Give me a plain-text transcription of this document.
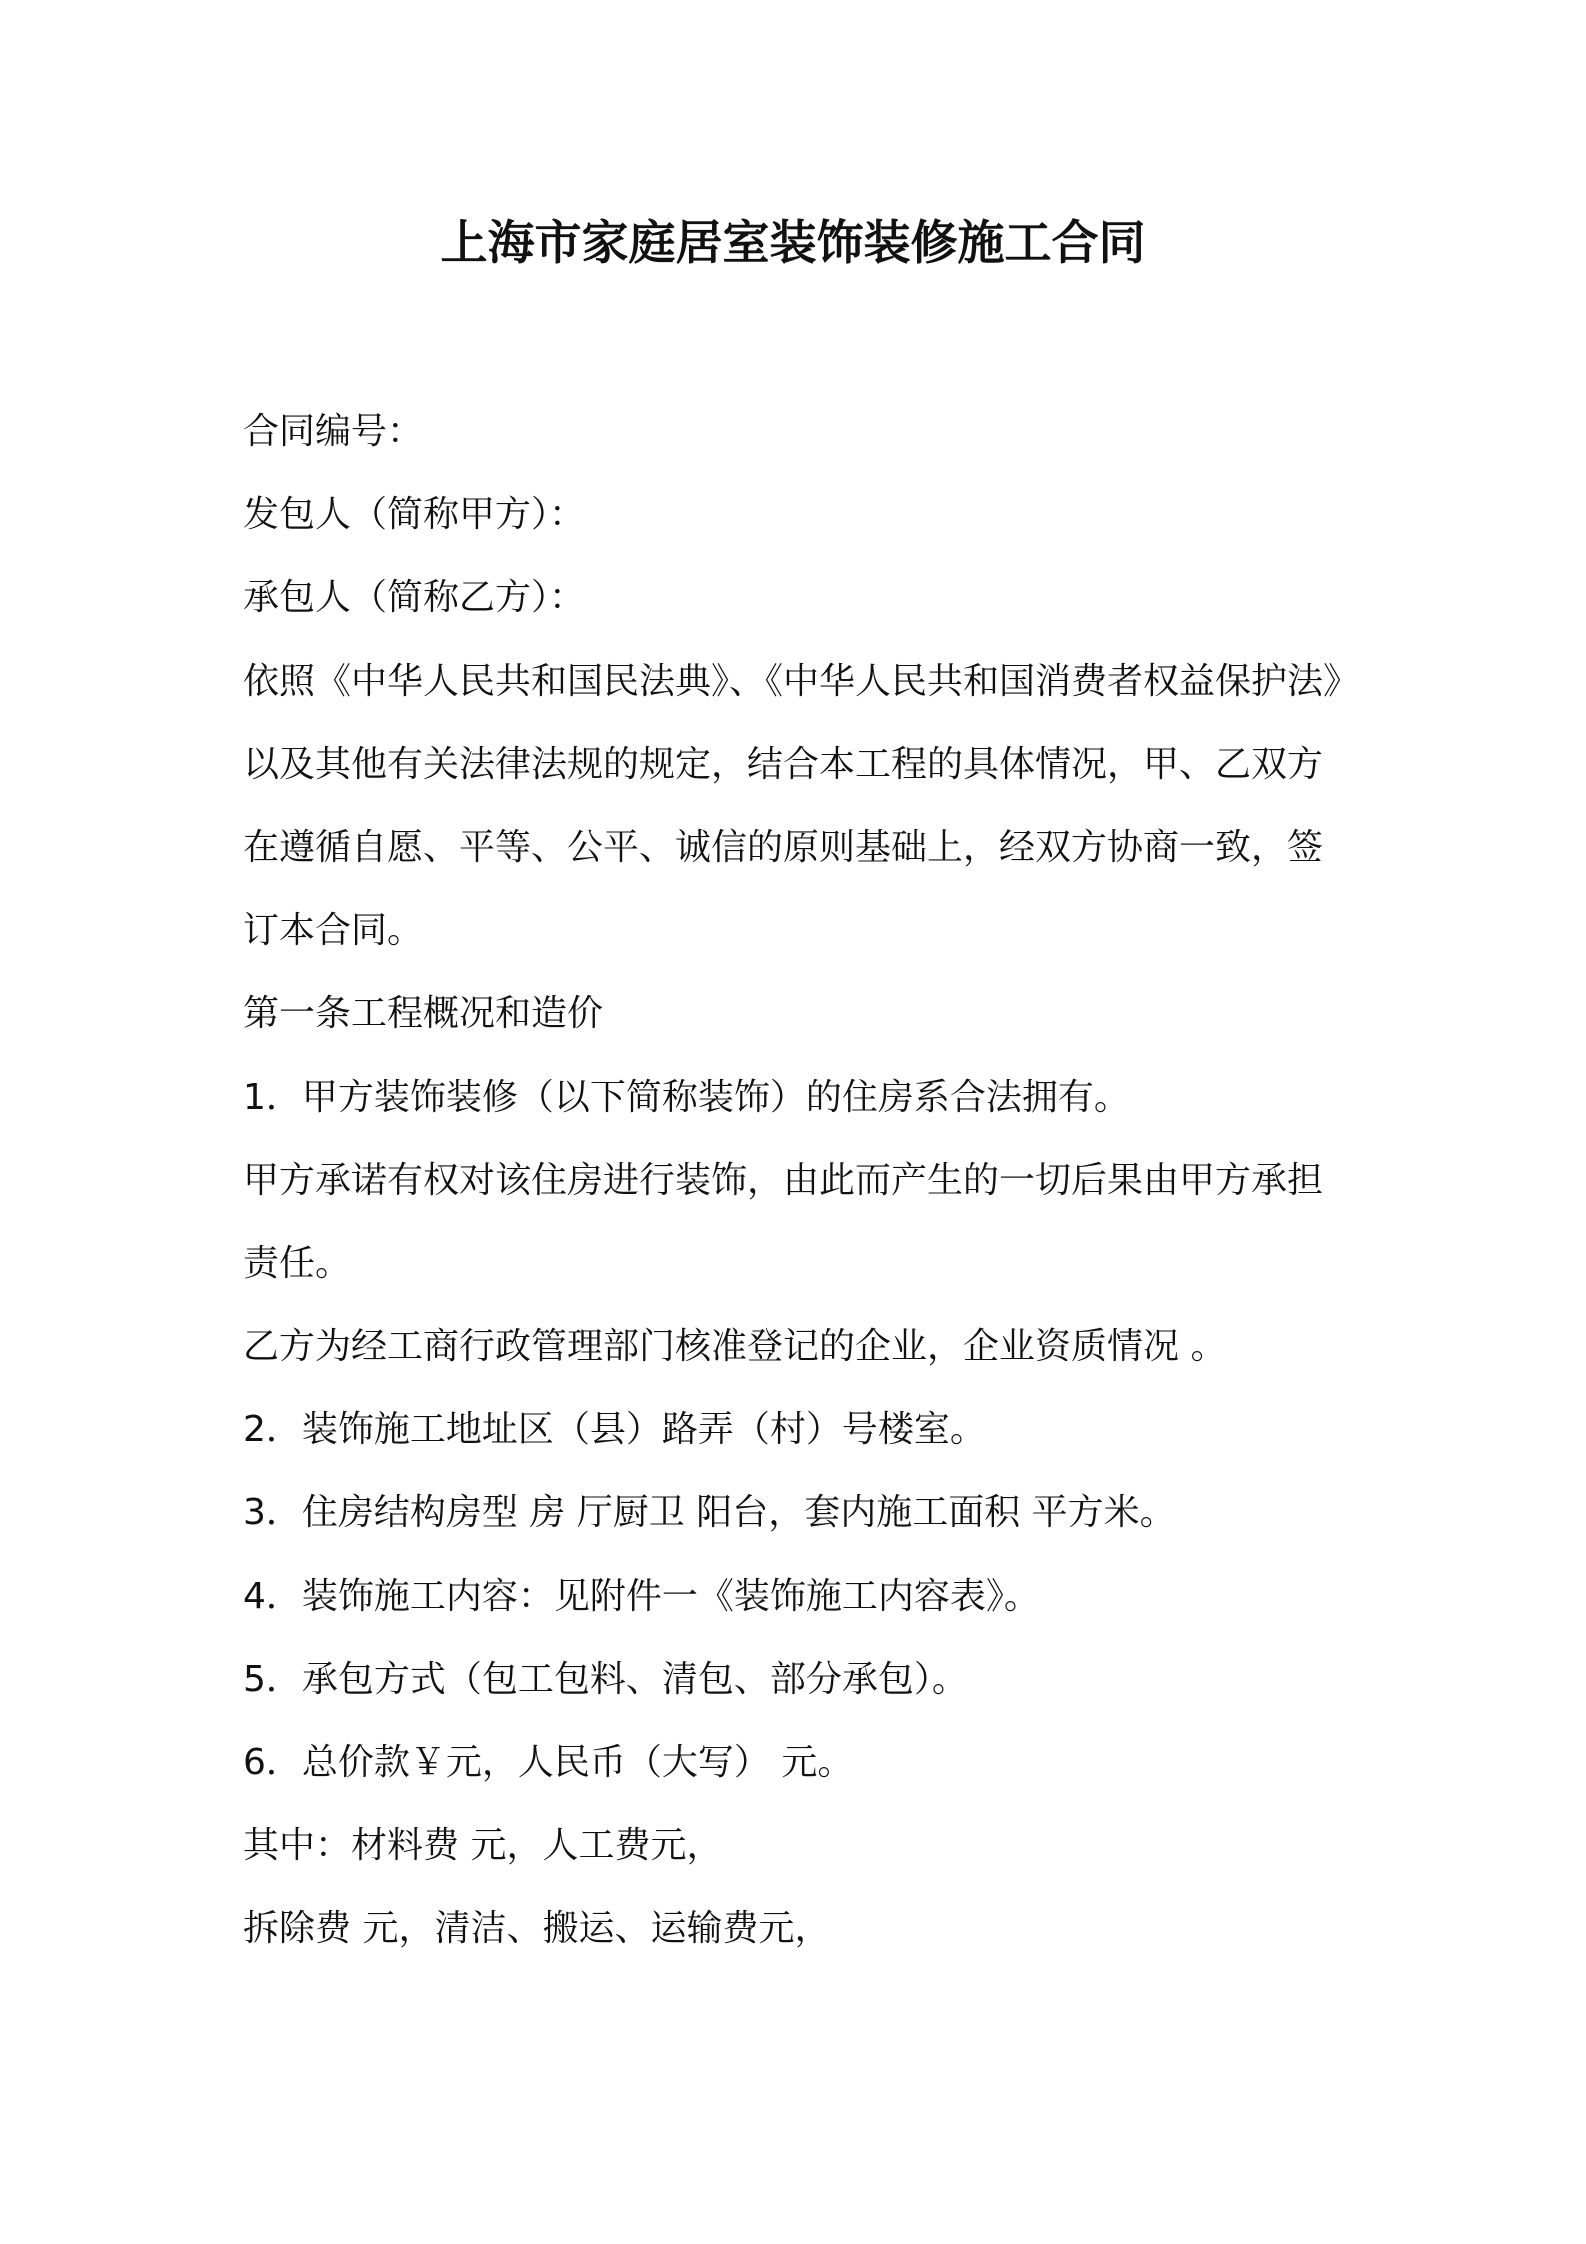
上海市家庭居室装饰装修施工合同
合同编号：
发包人（简称甲方）：
承包人（简称乙方）：
依照《中华人民共和国民法典》、《中华人民共和国消费者权益保护法》
以及其他有关法律法规的规定，结合本工程的具体情况，甲、乙双方
在遵循自愿、平等、公平、诚信的原则基础上，经双方协商一致，签
订本合同。
第一条工程概况和造价
1．甲方装饰装修（以下简称装饰）的住房系合法拥有。
甲方承诺有权对该住房进行装饰，由此而产生的一切后果由甲方承担
责任。
乙方为经工商行政管理部门核准登记的企业，企业资质情况 。
2．装饰施工地址区（县）路弄（村）号楼室。
3．住房结构房型 房 厅厨卫 阳台，套内施工面积 平方米。
4．装饰施工内容：见附件一《装饰施工内容表》。
5．承包方式（包工包料、清包、部分承包）。
6．总价款￥元，人民币（大写） 元。
其中：材料费 元，人工费元，
拆除费 元，清洁、搬运、运输费元，
